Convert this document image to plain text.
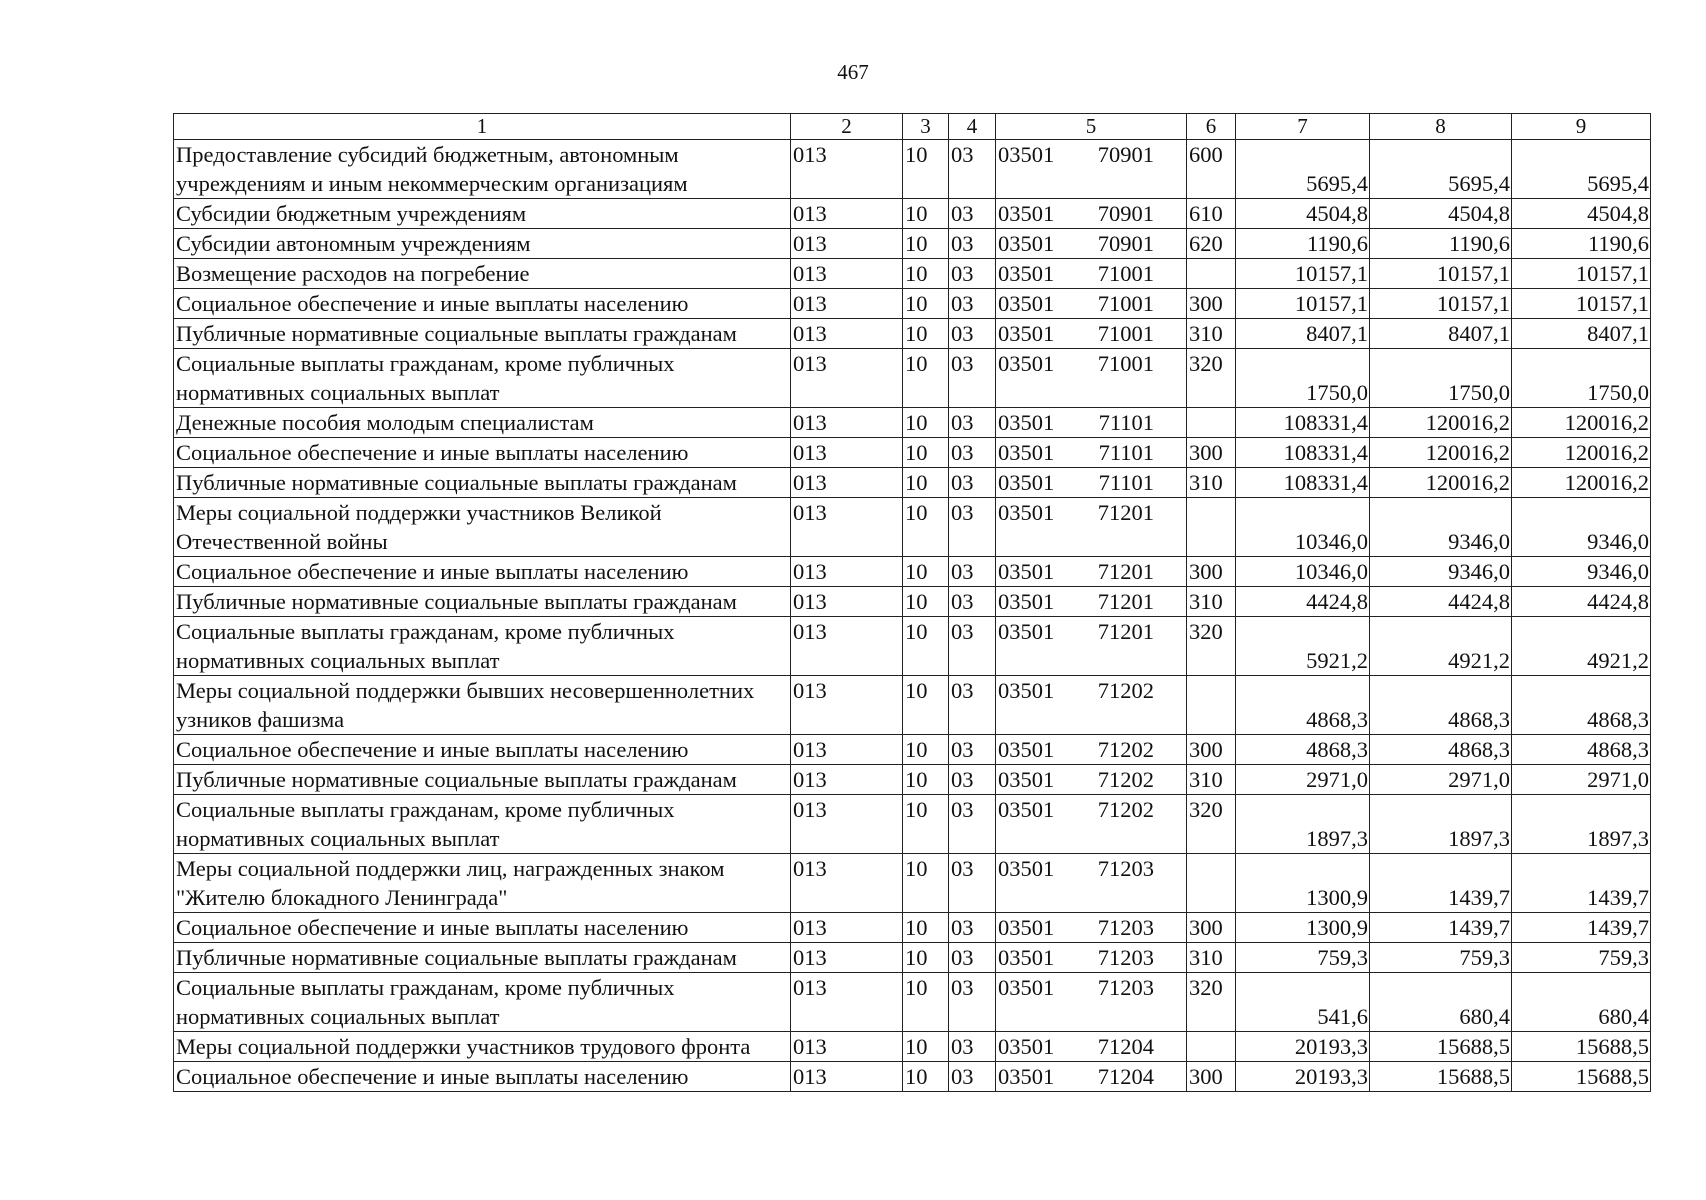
467
1	2	3	4	5	6	7	8	9
Предоставление субсидий бюджетным, автономным учреждениям и иным некоммерческим организациям	013	10	03	03501 70901	600	5695,4	5695,4	5695,4
Субсидии бюджетным учреждениям	013	10	03	03501 70901	610	4504,8	4504,8	4504,8
Субсидии автономным учреждениям	013	10	03	03501 70901	620	1190,6	1190,6	1190,6
Возмещение расходов на погребение	013	10	03	03501 71001		10157,1	10157,1	10157,1
Социальное обеспечение и иные выплаты населению	013	10	03	03501 71001	300	10157,1	10157,1	10157,1
Публичные нормативные социальные выплаты гражданам	013	10	03	03501 71001	310	8407,1	8407,1	8407,1
Социальные выплаты гражданам, кроме публичных нормативных социальных выплат	013	10	03	03501 71001	320	1750,0	1750,0	1750,0
Денежные пособия молодым специалистам	013	10	03	03501 71101		108331,4	120016,2	120016,2
Социальное обеспечение и иные выплаты населению	013	10	03	03501 71101	300	108331,4	120016,2	120016,2
Публичные нормативные социальные выплаты гражданам	013	10	03	03501 71101	310	108331,4	120016,2	120016,2
Меры социальной поддержки участников Великой Отечественной войны	013	10	03	03501 71201		10346,0	9346,0	9346,0
Социальное обеспечение и иные выплаты населению	013	10	03	03501 71201	300	10346,0	9346,0	9346,0
Публичные нормативные социальные выплаты гражданам	013	10	03	03501 71201	310	4424,8	4424,8	4424,8
Социальные выплаты гражданам, кроме публичных нормативных социальных выплат	013	10	03	03501 71201	320	5921,2	4921,2	4921,2
Меры социальной поддержки бывших несовершеннолетних узников фашизма	013	10	03	03501 71202		4868,3	4868,3	4868,3
Социальное обеспечение и иные выплаты населению	013	10	03	03501 71202	300	4868,3	4868,3	4868,3
Публичные нормативные социальные выплаты гражданам	013	10	03	03501 71202	310	2971,0	2971,0	2971,0
Социальные выплаты гражданам, кроме публичных нормативных социальных выплат	013	10	03	03501 71202	320	1897,3	1897,3	1897,3
Меры социальной поддержки лиц, награжденных знаком "Жителю блокадного Ленинграда"	013	10	03	03501 71203		1300,9	1439,7	1439,7
Социальное обеспечение и иные выплаты населению	013	10	03	03501 71203	300	1300,9	1439,7	1439,7
Публичные нормативные социальные выплаты гражданам	013	10	03	03501 71203	310	759,3	759,3	759,3
Социальные выплаты гражданам, кроме публичных нормативных социальных выплат	013	10	03	03501 71203	320	541,6	680,4	680,4
Меры социальной поддержки участников трудового фронта	013	10	03	03501 71204		20193,3	15688,5	15688,5
Социальное обеспечение и иные выплаты населению	013	10	03	03501 71204	300	20193,3	15688,5	15688,5
